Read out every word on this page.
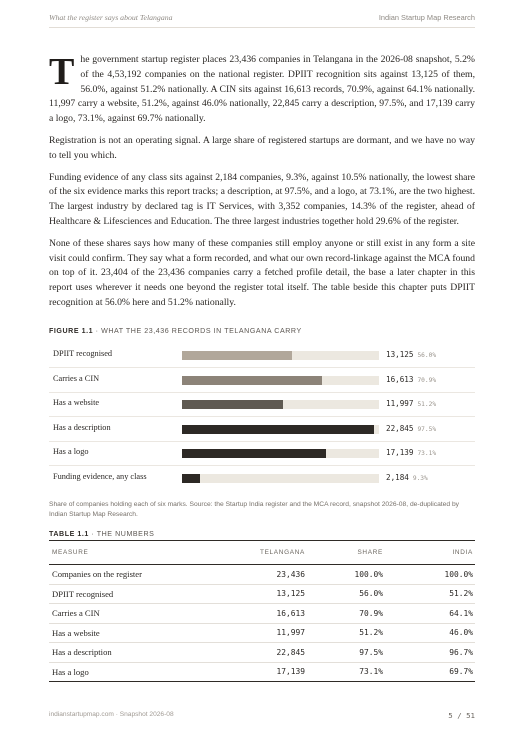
What the register says about Telangana	Indian Startup Map Research

T he government startup register places 23,436 companies in Telangana in the 2026-08 snapshot, 5.2% of the 4,53,192 companies on the national register. DPIIT recognition sits against 13,125 of them, 56.0%, against 51.2% nationally. A CIN sits against 16,613 records, 70.9%, against 64.1% nationally. 11,997 carry a website, 51.2%, against 46.0% nationally, 22,845 carry a description, 97.5%, and 17,139 carry a logo, 73.1%, against 69.7% nationally.

Registration is not an operating signal. A large share of registered startups are dormant, and we have no way to tell you which.

Funding evidence of any class sits against 2,184 companies, 9.3%, against 10.5% nationally, the lowest share of the six evidence marks this report tracks; a description, at 97.5%, and a logo, at 73.1%, are the two highest. The largest industry by declared tag is IT Services, with 3,352 companies, 14.3% of the register, ahead of Healthcare & Lifesciences and Education. The three largest industries together hold 29.6% of the register.

None of these shares says how many of these companies still employ anyone or still exist in any form a site visit could confirm. They say what a form recorded, and what our own record-linkage against the MCA found on top of it. 23,404 of the 23,436 companies carry a fetched profile detail, the base a later chapter in this report uses wherever it needs one beyond the register total itself. The table beside this chapter puts DPIIT recognition at 56.0% here and 51.2% nationally.

FIGURE 1.1 · WHAT THE 23,436 RECORDS IN TELANGANA CARRY
DPIIT recognised	13,125 56.0%
Carries a CIN	16,613 70.9%
Has a website	11,997 51.2%
Has a description	22,845 97.5%
Has a logo	17,139 73.1%
Funding evidence, any class	2,184 9.3%
Share of companies holding each of six marks. Source: the Startup India register and the MCA record, snapshot 2026-08, de-duplicated by Indian Startup Map Research.
TABLE 1.1 · THE NUMBERS
MEASURE	TELANGANA	SHARE	INDIA
Companies on the register	23,436	100.0%	100.0%
DPIIT recognised	13,125	56.0%	51.2%
Carries a CIN	16,613	70.9%	64.1%
Has a website	11,997	51.2%	46.0%
Has a description	22,845	97.5%	96.7%
Has a logo	17,139	73.1%	69.7%
indianstartupmap.com · Snapshot 2026-08	5 / 51
